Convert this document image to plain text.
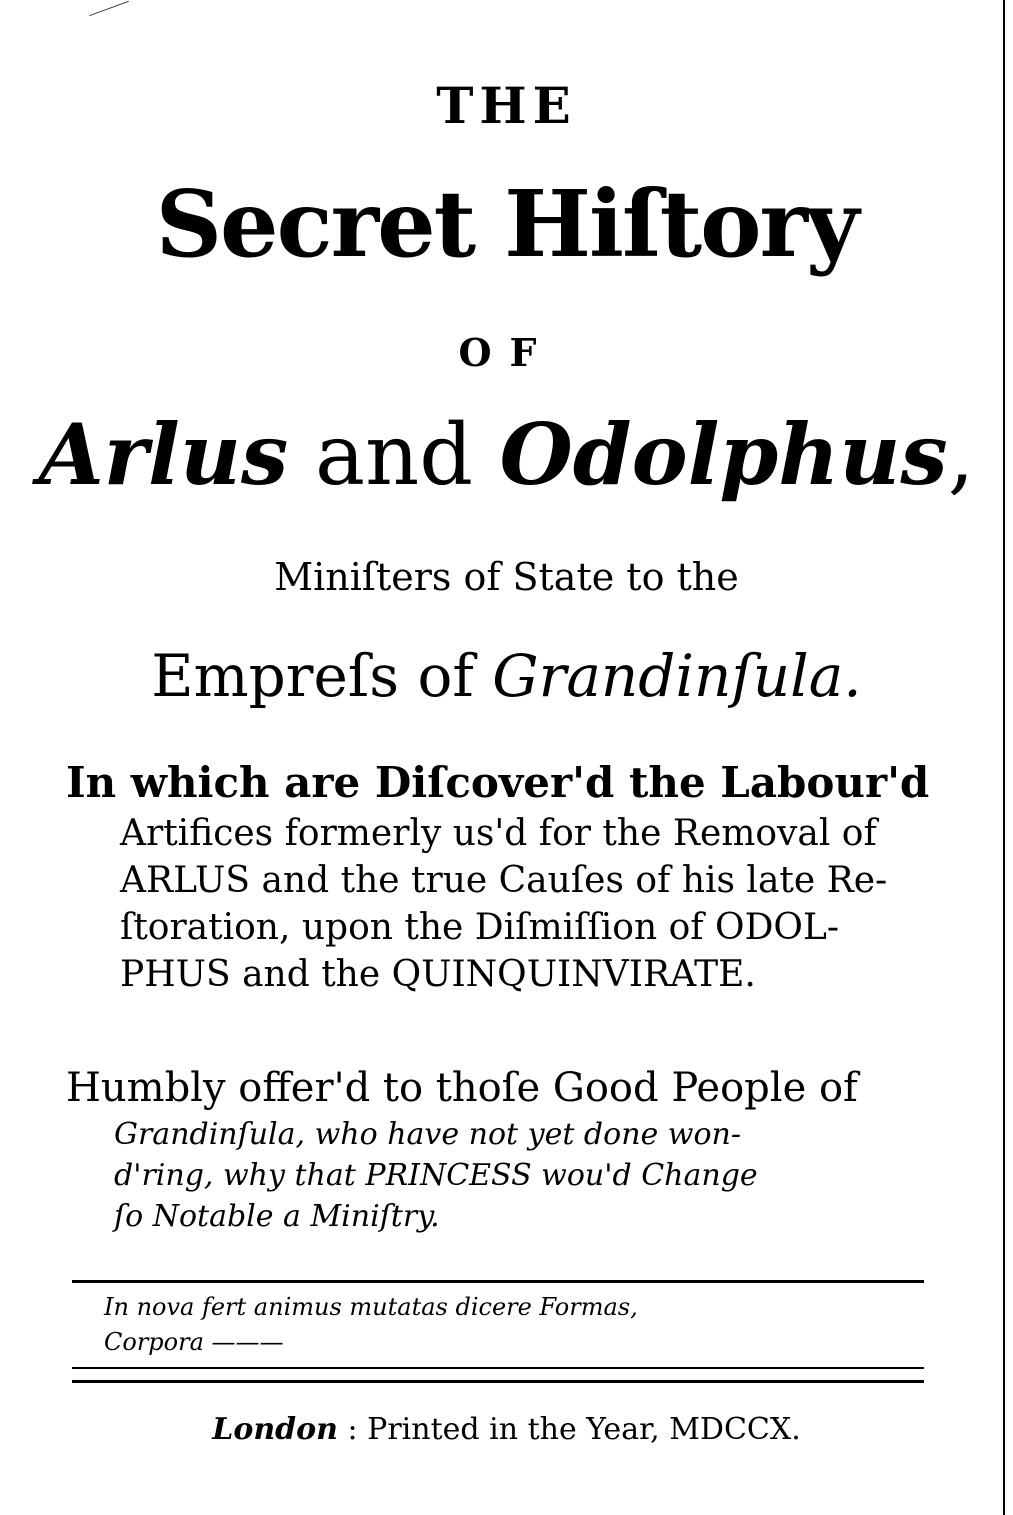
THE
Secret Hiſtory
OF
Arlus and Odolphus,
Miniſters of State to the
Empreſs of Grandinſula.
In which are Diſcover'd the Labour'd
Artifices formerly us'd for the Removal of
ARLUS and the true Cauſes of his late Re-
ſtoration, upon the Diſmiſſion of ODOL-
PHUS and the QUINQUINVIRATE.
Humbly offer'd to thoſe Good People of
Grandinſula, who have not yet done won-
d'ring, why that PRINCESS wou'd Change
ſo Notable a Miniſtry.
In nova fert animus mutatas dicere Formas,
Corpora ———
London : Printed in the Year, MDCCX.
